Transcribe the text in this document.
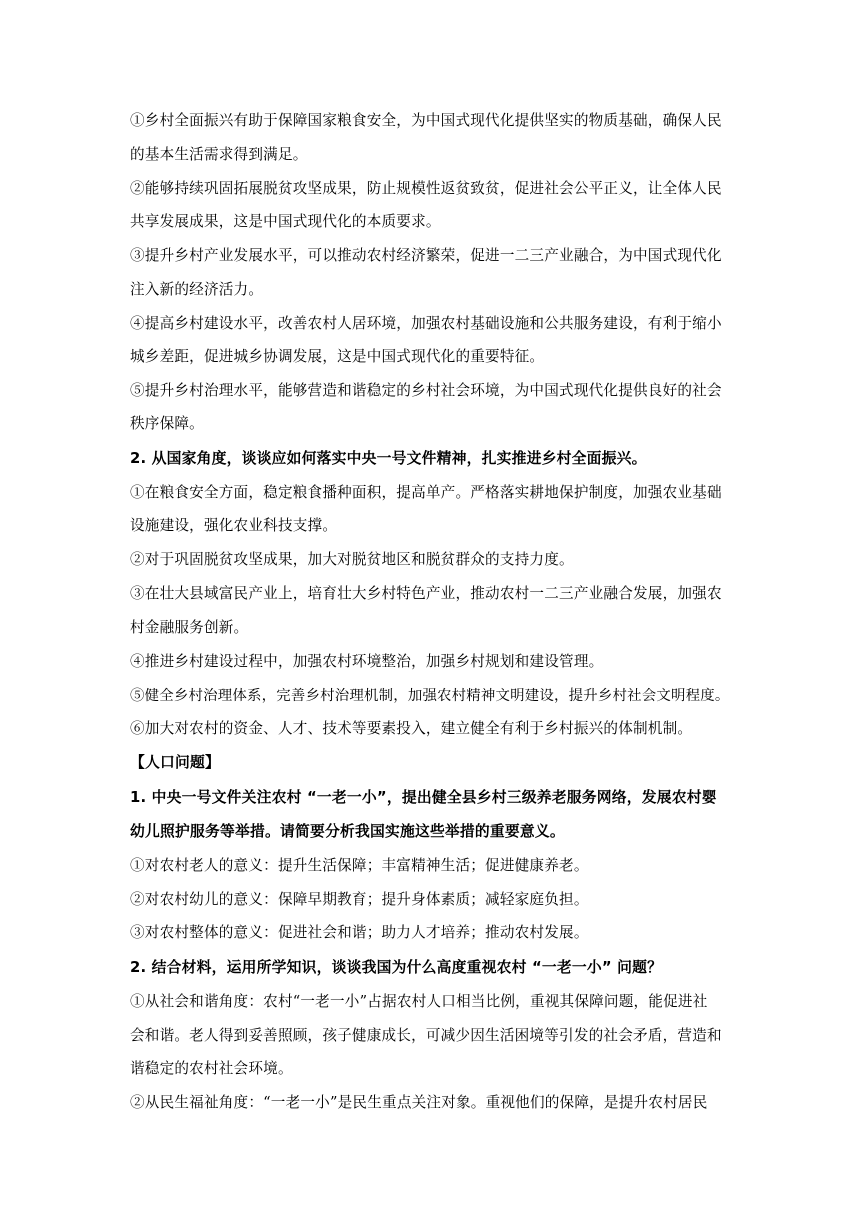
①乡村全面振兴有助于保障国家粮食安全，为中国式现代化提供坚实的物质基础，确保人民
的基本生活需求得到满足。
②能够持续巩固拓展脱贫攻坚成果，防止规模性返贫致贫，促进社会公平正义，让全体人民
共享发展成果，这是中国式现代化的本质要求。
③提升乡村产业发展水平，可以推动农村经济繁荣，促进一二三产业融合，为中国式现代化
注入新的经济活力。
④提高乡村建设水平，改善农村人居环境，加强农村基础设施和公共服务建设，有利于缩小
城乡差距，促进城乡协调发展，这是中国式现代化的重要特征。
⑤提升乡村治理水平，能够营造和谐稳定的乡村社会环境，为中国式现代化提供良好的社会
秩序保障。
2. 从国家角度，谈谈应如何落实中央一号文件精神，扎实推进乡村全面振兴。
①在粮食安全方面，稳定粮食播种面积，提高单产。严格落实耕地保护制度，加强农业基础
设施建设，强化农业科技支撑。
②对于巩固脱贫攻坚成果，加大对脱贫地区和脱贫群众的支持力度。
③在壮大县域富民产业上，培育壮大乡村特色产业，推动农村一二三产业融合发展，加强农
村金融服务创新。
④推进乡村建设过程中，加强农村环境整治，加强乡村规划和建设管理。
⑤健全乡村治理体系，完善乡村治理机制，加强农村精神文明建设，提升乡村社会文明程度。
⑥加大对农村的资金、人才、技术等要素投入，建立健全有利于乡村振兴的体制机制。
【人口问题】
1. 中央一号文件关注农村 “一老一小”，提出健全县乡村三级养老服务网络，发展农村婴
幼儿照护服务等举措。请简要分析我国实施这些举措的重要意义。
①对农村老人的意义：提升生活保障；丰富精神生活；促进健康养老。
②对农村幼儿的意义：保障早期教育；提升身体素质；减轻家庭负担。
③对农村整体的意义：促进社会和谐；助力人才培养；推动农村发展。
2. 结合材料，运用所学知识，谈谈我国为什么高度重视农村 “一老一小” 问题？
①从社会和谐角度：农村“一老一小”占据农村人口相当比例，重视其保障问题，能促进社
会和谐。老人得到妥善照顾，孩子健康成长，可减少因生活困境等引发的社会矛盾，营造和
谐稳定的农村社会环境。
②从民生福祉角度：“一老一小”是民生重点关注对象。重视他们的保障，是提升农村居民
